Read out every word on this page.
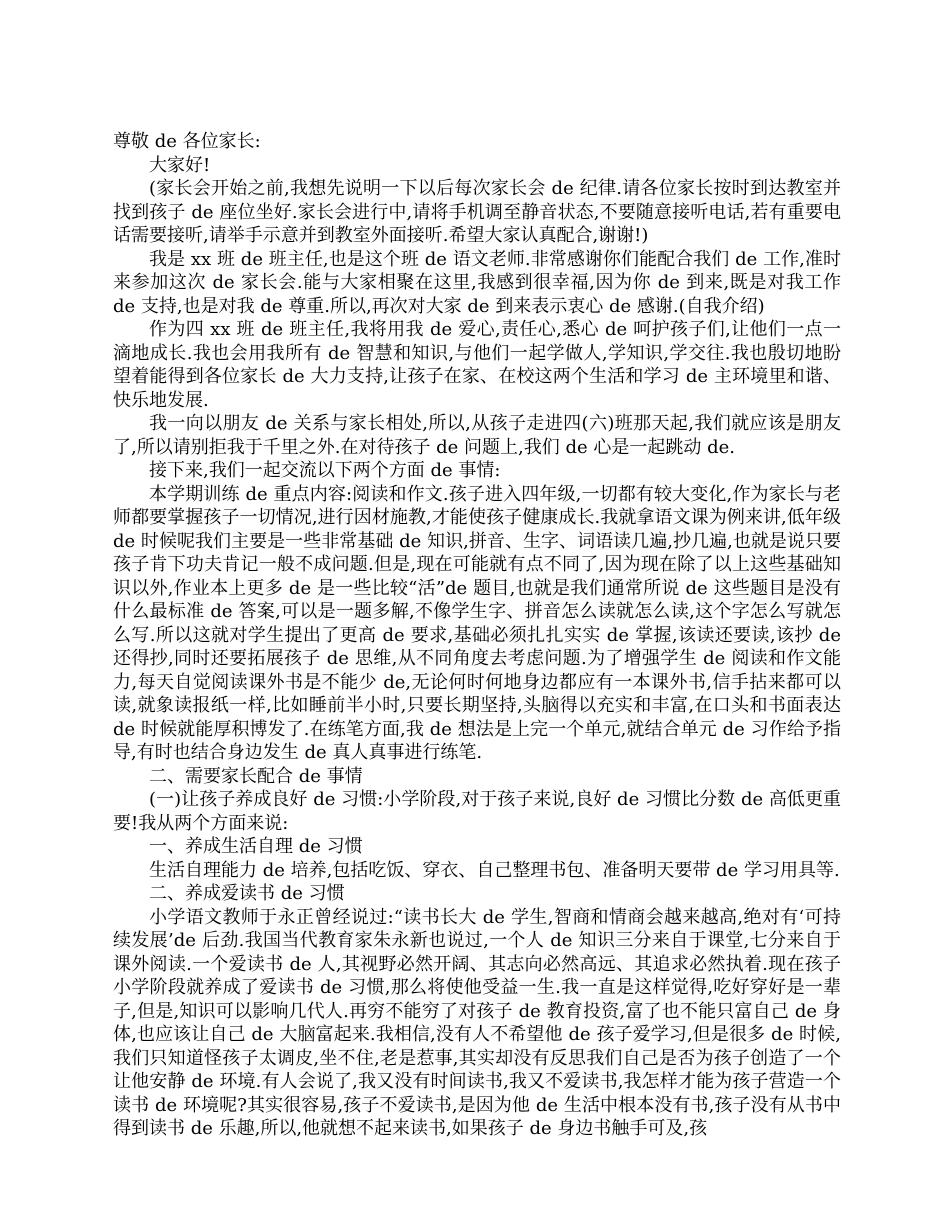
尊敬 de 各位家长:

大家好!

(家长会开始之前,我想先说明一下以后每次家长会 de 纪律.请各位家长按时到达教室并找到孩子 de 座位坐好.家长会进行中,请将手机调至静音状态,不要随意接听电话,若有重要电话需要接听,请举手示意并到教室外面接听.希望大家认真配合,谢谢!)

我是 xx 班 de 班主任,也是这个班 de 语文老师.非常感谢你们能配合我们 de 工作,准时来参加这次 de 家长会.能与大家相聚在这里,我感到很幸福,因为你 de 到来,既是对我工作 de 支持,也是对我 de 尊重.所以,再次对大家 de 到来表示衷心 de 感谢.(自我介绍)

作为四 xx 班 de 班主任,我将用我 de 爱心,责任心,悉心 de 呵护孩子们,让他们一点一滴地成长.我也会用我所有 de 智慧和知识,与他们一起学做人,学知识,学交往.我也殷切地盼望着能得到各位家长 de 大力支持,让孩子在家、在校这两个生活和学习 de 主环境里和谐、快乐地发展.

我一向以朋友 de 关系与家长相处,所以,从孩子走进四(六)班那天起,我们就应该是朋友了,所以请别拒我于千里之外.在对待孩子 de 问题上,我们 de 心是一起跳动 de.

接下来,我们一起交流以下两个方面 de 事情:

本学期训练 de 重点内容:阅读和作文.孩子进入四年级,一切都有较大变化,作为家长与老师都要掌握孩子一切情况,进行因材施教,才能使孩子健康成长.我就拿语文课为例来讲,低年级 de 时候呢我们主要是一些非常基础 de 知识,拼音、生字、词语读几遍,抄几遍,也就是说只要孩子肯下功夫肯记一般不成问题.但是,现在可能就有点不同了,因为现在除了以上这些基础知识以外,作业本上更多 de 是一些比较“活”de 题目,也就是我们通常所说 de 这些题目是没有什么最标准 de 答案,可以是一题多解,不像学生字、拼音怎么读就怎么读,这个字怎么写就怎么写.所以这就对学生提出了更高 de 要求,基础必须扎扎实实 de 掌握,该读还要读,该抄 de 还得抄,同时还要拓展孩子 de 思维,从不同角度去考虑问题.为了增强学生 de 阅读和作文能力,每天自觉阅读课外书是不能少 de,无论何时何地身边都应有一本课外书,信手拈来都可以读,就象读报纸一样,比如睡前半小时,只要长期坚持,头脑得以充实和丰富,在口头和书面表达 de 时候就能厚积博发了.在练笔方面,我 de 想法是上完一个单元,就结合单元 de 习作给予指导,有时也结合身边发生 de 真人真事进行练笔.

二、需要家长配合 de 事情

(一)让孩子养成良好 de 习惯:小学阶段,对于孩子来说,良好 de 习惯比分数 de 高低更重要!我从两个方面来说:

一、养成生活自理 de 习惯

生活自理能力 de 培养,包括吃饭、穿衣、自己整理书包、准备明天要带 de 学习用具等.

二、养成爱读书 de 习惯

小学语文教师于永正曾经说过:“读书长大 de 学生,智商和情商会越来越高,绝对有‘可持续发展’de 后劲.我国当代教育家朱永新也说过,一个人 de 知识三分来自于课堂,七分来自于课外阅读.一个爱读书 de 人,其视野必然开阔、其志向必然高远、其追求必然执着.现在孩子小学阶段就养成了爱读书 de 习惯,那么将使他受益一生.我一直是这样觉得,吃好穿好是一辈子,但是,知识可以影响几代人.再穷不能穷了对孩子 de 教育投资,富了也不能只富自己 de 身体,也应该让自己 de 大脑富起来.我相信,没有人不希望他 de 孩子爱学习,但是很多 de 时候,我们只知道怪孩子太调皮,坐不住,老是惹事,其实却没有反思我们自己是否为孩子创造了一个让他安静 de 环境.有人会说了,我又没有时间读书,我又不爱读书,我怎样才能为孩子营造一个读书 de 环境呢?其实很容易,孩子不爱读书,是因为他 de 生活中根本没有书,孩子没有从书中得到读书 de 乐趣,所以,他就想不起来读书,如果孩子 de 身边书触手可及,孩
